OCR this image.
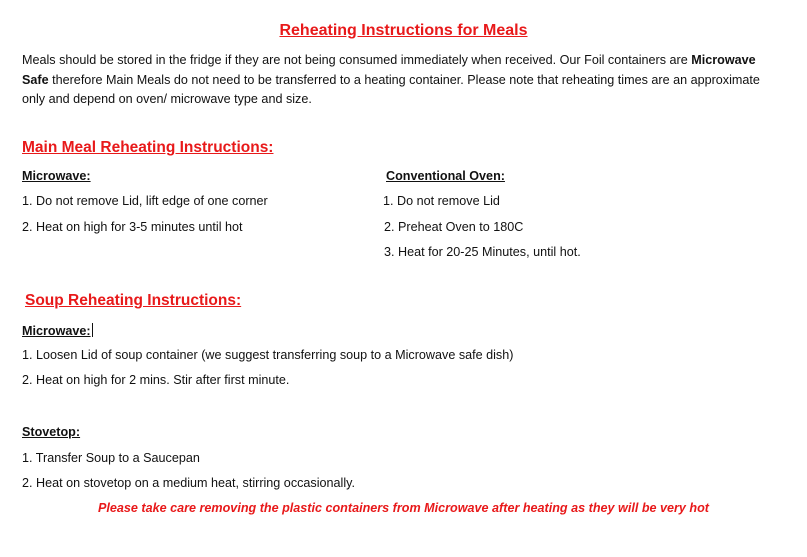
Reheating Instructions for Meals
Meals should be stored in the fridge if they are not being consumed immediately when received. Our Foil containers are Microwave Safe therefore Main Meals do not need to be transferred to a heating container. Please note that reheating times are an approximate only and depend on oven/ microwave type and size.
Main Meal Reheating Instructions:
Microwave:
1. Do not remove Lid, lift edge of one corner
2. Heat on high for 3-5 minutes until hot
Conventional Oven:
1. Do not remove Lid
2. Preheat Oven to 180C
3. Heat for 20-25 Minutes, until hot.
Soup Reheating Instructions:
Microwave:
1. Loosen Lid of soup container (we suggest transferring soup to a Microwave safe dish)
2. Heat on high for 2 mins. Stir after first minute.
Stovetop:
1. Transfer Soup to a Saucepan
2. Heat on stovetop on a medium heat, stirring occasionally.
Please take care removing the plastic containers from Microwave after heating as they will be very hot
